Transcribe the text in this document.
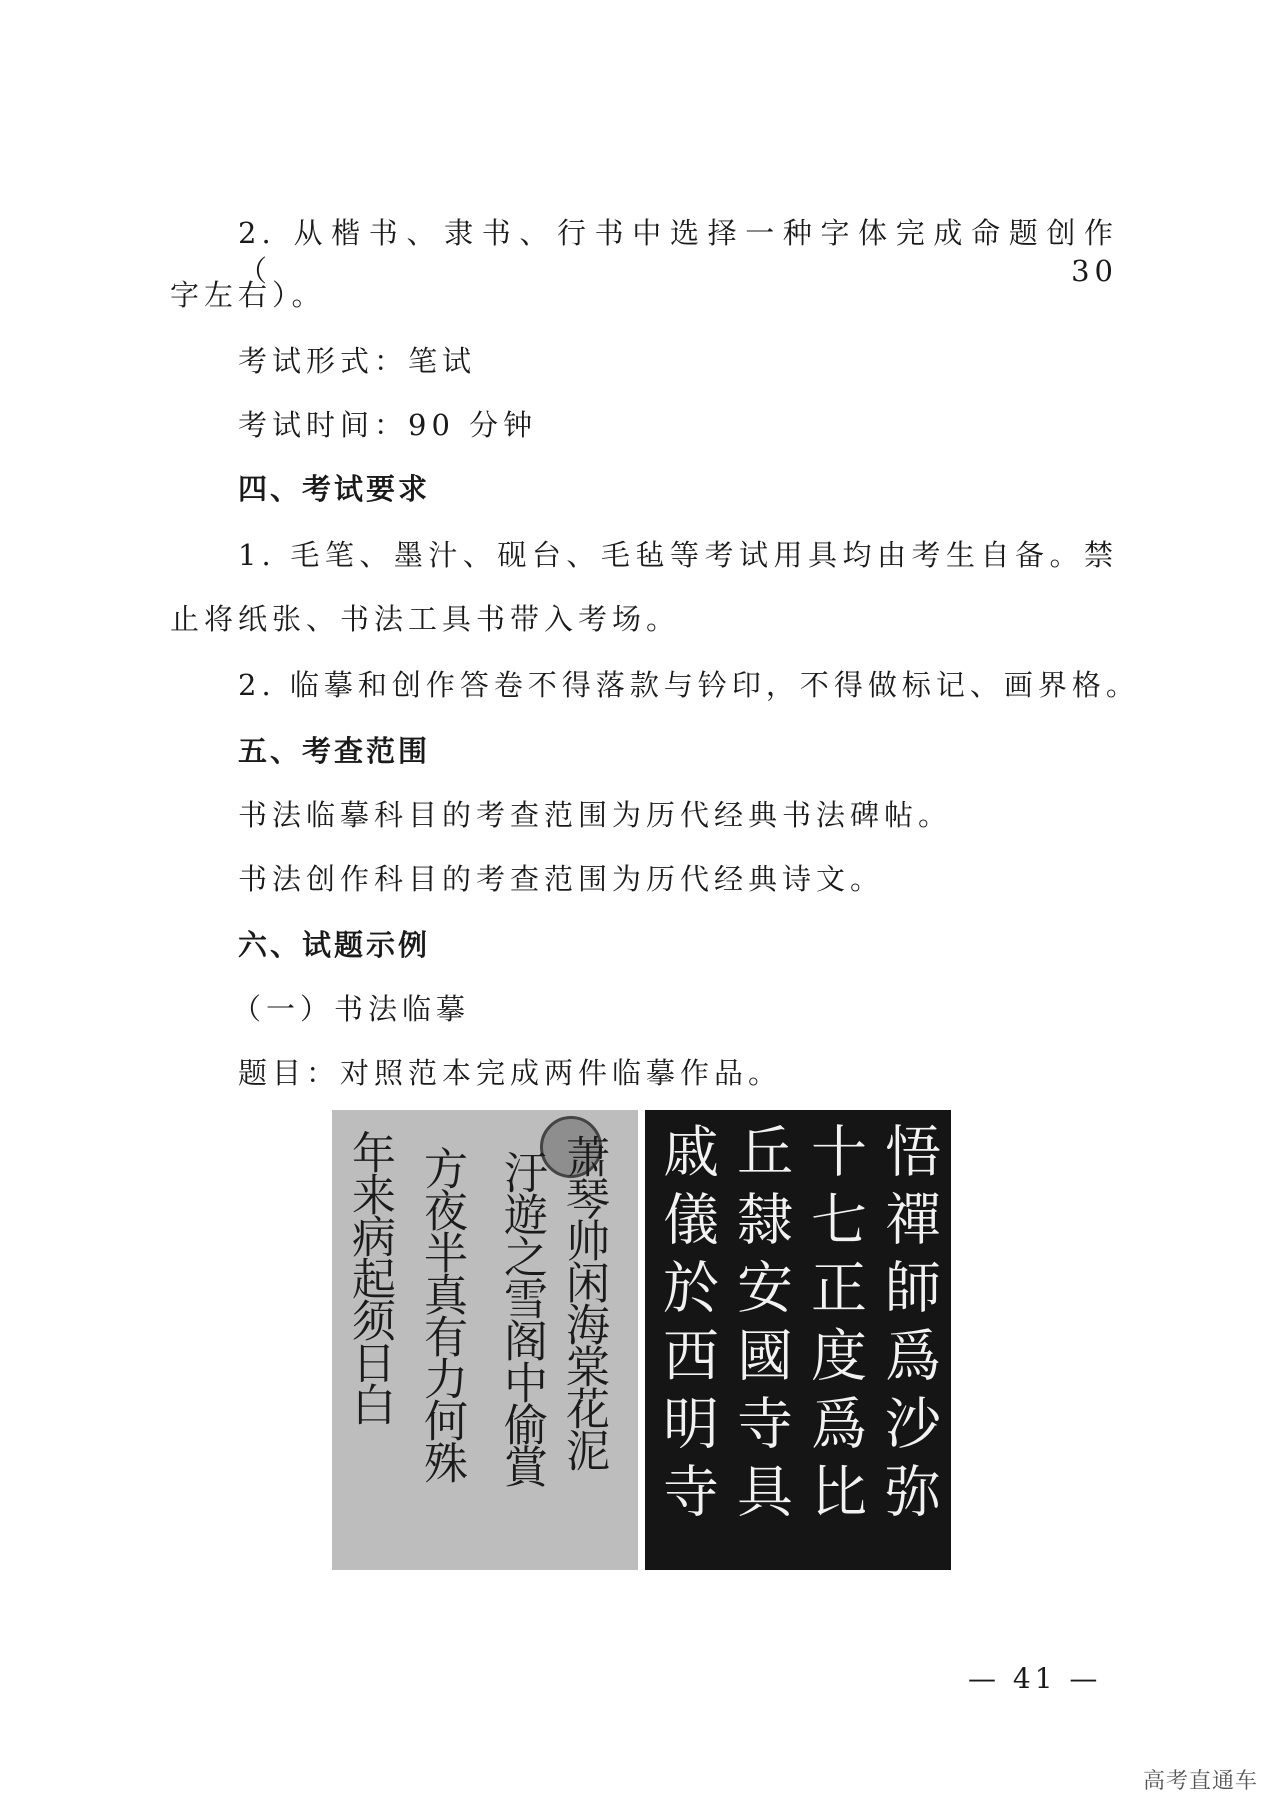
2. 从楷书、隶书、行书中选择一种字体完成命题创作（30
字左右）。
考试形式：笔试
考试时间：90 分钟
四、考试要求
1. 毛笔、墨汁、砚台、毛毡等考试用具均由考生自备。禁
止将纸张、书法工具书带入考场。
2. 临摹和创作答卷不得落款与钤印，不得做标记、画界格。
五、考查范围
书法临摹科目的考查范围为历代经典书法碑帖。
书法创作科目的考查范围为历代经典诗文。
六、试题示例
（一）书法临摹
题目：对照范本完成两件临摹作品。
萧琴帅闲海棠花泥
汙遊之雪阁中偷賞
方夜半真有力何殊
年来病起须日白	悟禪師爲沙弥
十七正度爲比
丘隸安國寺具
戚儀於西明寺
— 41 —
高考直通车
